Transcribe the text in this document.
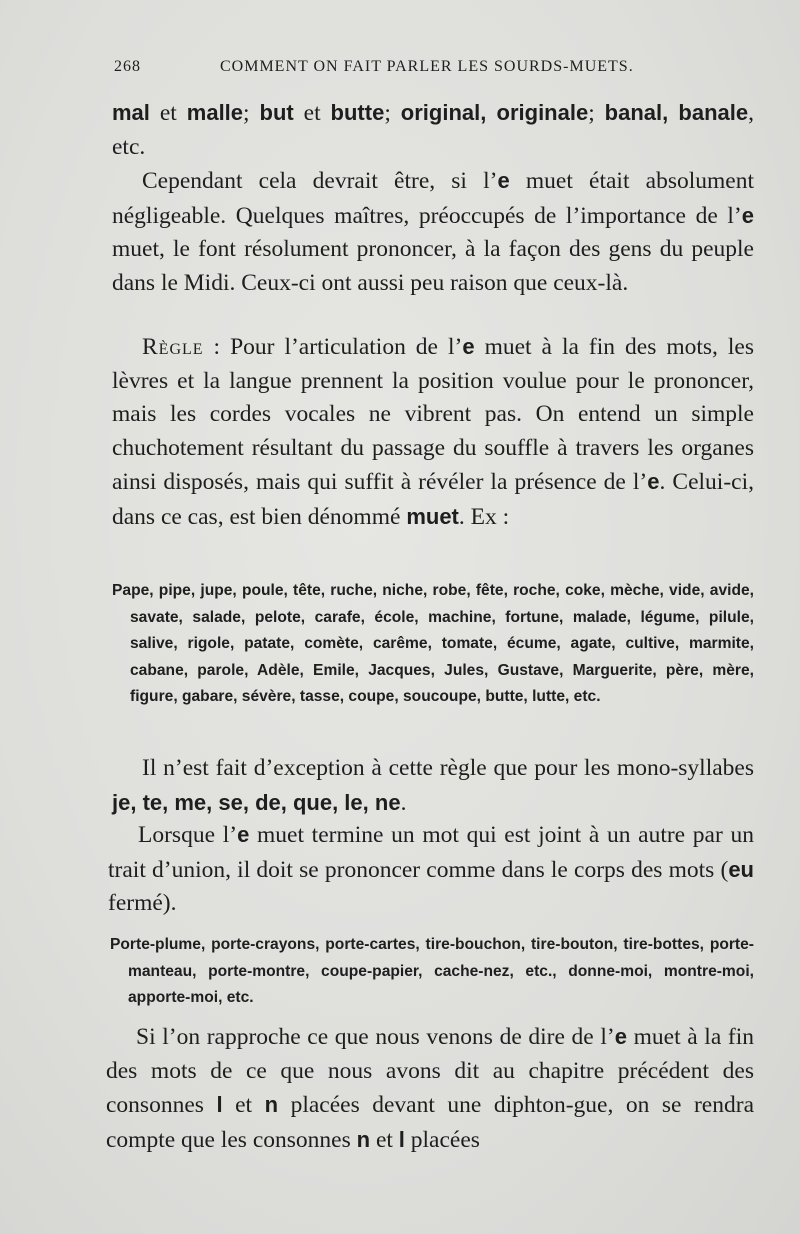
268	COMMENT ON FAIT PARLER LES SOURDS-MUETS.

mal et malle; but et butte; original, originale; banal, banale, etc.

Cependant cela devrait être, si l’e muet était absolument négligeable. Quelques maîtres, préoccupés de l’importance de l’e muet, le font résolument prononcer, à la façon des gens du peuple dans le Midi. Ceux-ci ont aussi peu raison que ceux-là.

Règle : Pour l’articulation de l’e muet à la fin des mots, les lèvres et la langue prennent la position voulue pour le prononcer, mais les cordes vocales ne vibrent pas. On entend un simple chuchotement résultant du passage du souffle à travers les organes ainsi disposés, mais qui suffit à révéler la présence de l’e. Celui-ci, dans ce cas, est bien dénommé muet. Ex :

Pape, pipe, jupe, poule, tête, ruche, niche, robe, fête, roche, coke, mèche, vide, avide, savate, salade, pelote, carafe, école, machine, fortune, malade, légume, pilule, salive, rigole, patate, comète, carême, tomate, écume, agate, cultive, marmite, cabane, parole, Adèle, Emile, Jacques, Jules, Gustave, Marguerite, père, mère, figure, gabare, sévère, tasse, coupe, soucoupe, butte, lutte, etc.

Il n’est fait d’exception à cette règle que pour les mono-syllabes je, te, me, se, de, que, le, ne.

Lorsque l’e muet termine un mot qui est joint à un autre par un trait d’union, il doit se prononcer comme dans le corps des mots (eu fermé).

Porte-plume, porte-crayons, porte-cartes, tire-bouchon, tire-bouton, tire-bottes, porte-manteau, porte-montre, coupe-papier, cache-nez, etc., donne-moi, montre-moi, apporte-moi, etc.

Si l’on rapproche ce que nous venons de dire de l’e muet à la fin des mots de ce que nous avons dit au chapitre précédent des consonnes l et n placées devant une diphton-gue, on se rendra compte que les consonnes n et l placées
